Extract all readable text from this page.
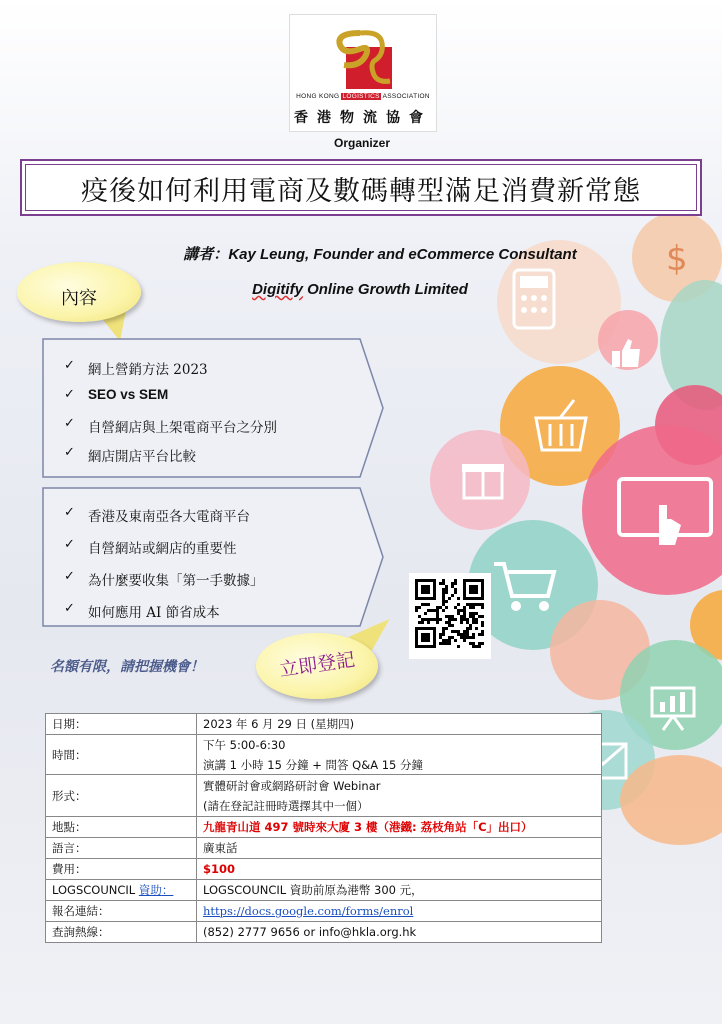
$
HONG KONG LOGISTICS ASSOCIATION
香港物流協會
Organizer
疫後如何利用電商及數碼轉型滿足消費新常態
講者：Kay Leung, Founder and eCommerce Consultant
Digitify Online Growth Limited
內容
✓ 網上營銷方法 2023
✓ SEO vs SEM
✓ 自營網店與上架電商平台之分別
✓ 網店開店平台比較
✓ 香港及東南亞各大電商平台
✓ 自營網站或網店的重要性
✓ 為什麼要收集「第一手數據」
✓ 如何應用 AI 節省成本
立即登記
名額有限，請把握機會！
日期：	2023 年 6 月 29 日 (星期四)
時間：	下午 5:00-6:30
演講 1 小時 15 分鐘 + 問答 Q&A 15 分鐘

形式：	實體研討會或網路研討會 Webinar
(請在登記註冊時選擇其中一個）

地點：	九龍青山道 497 號時來大廈 3 樓（港鐵: 荔枝角站「C」出口）
語言：	廣東話
費用：	$100
LOGSCOUNCIL 資助：	LOGSCOUNCIL 資助前原為港幣 300 元，
報名連結：	https://docs.google.com/forms/enrol
查詢熱線：	(852) 2777 9656 or info@hkla.org.hk
